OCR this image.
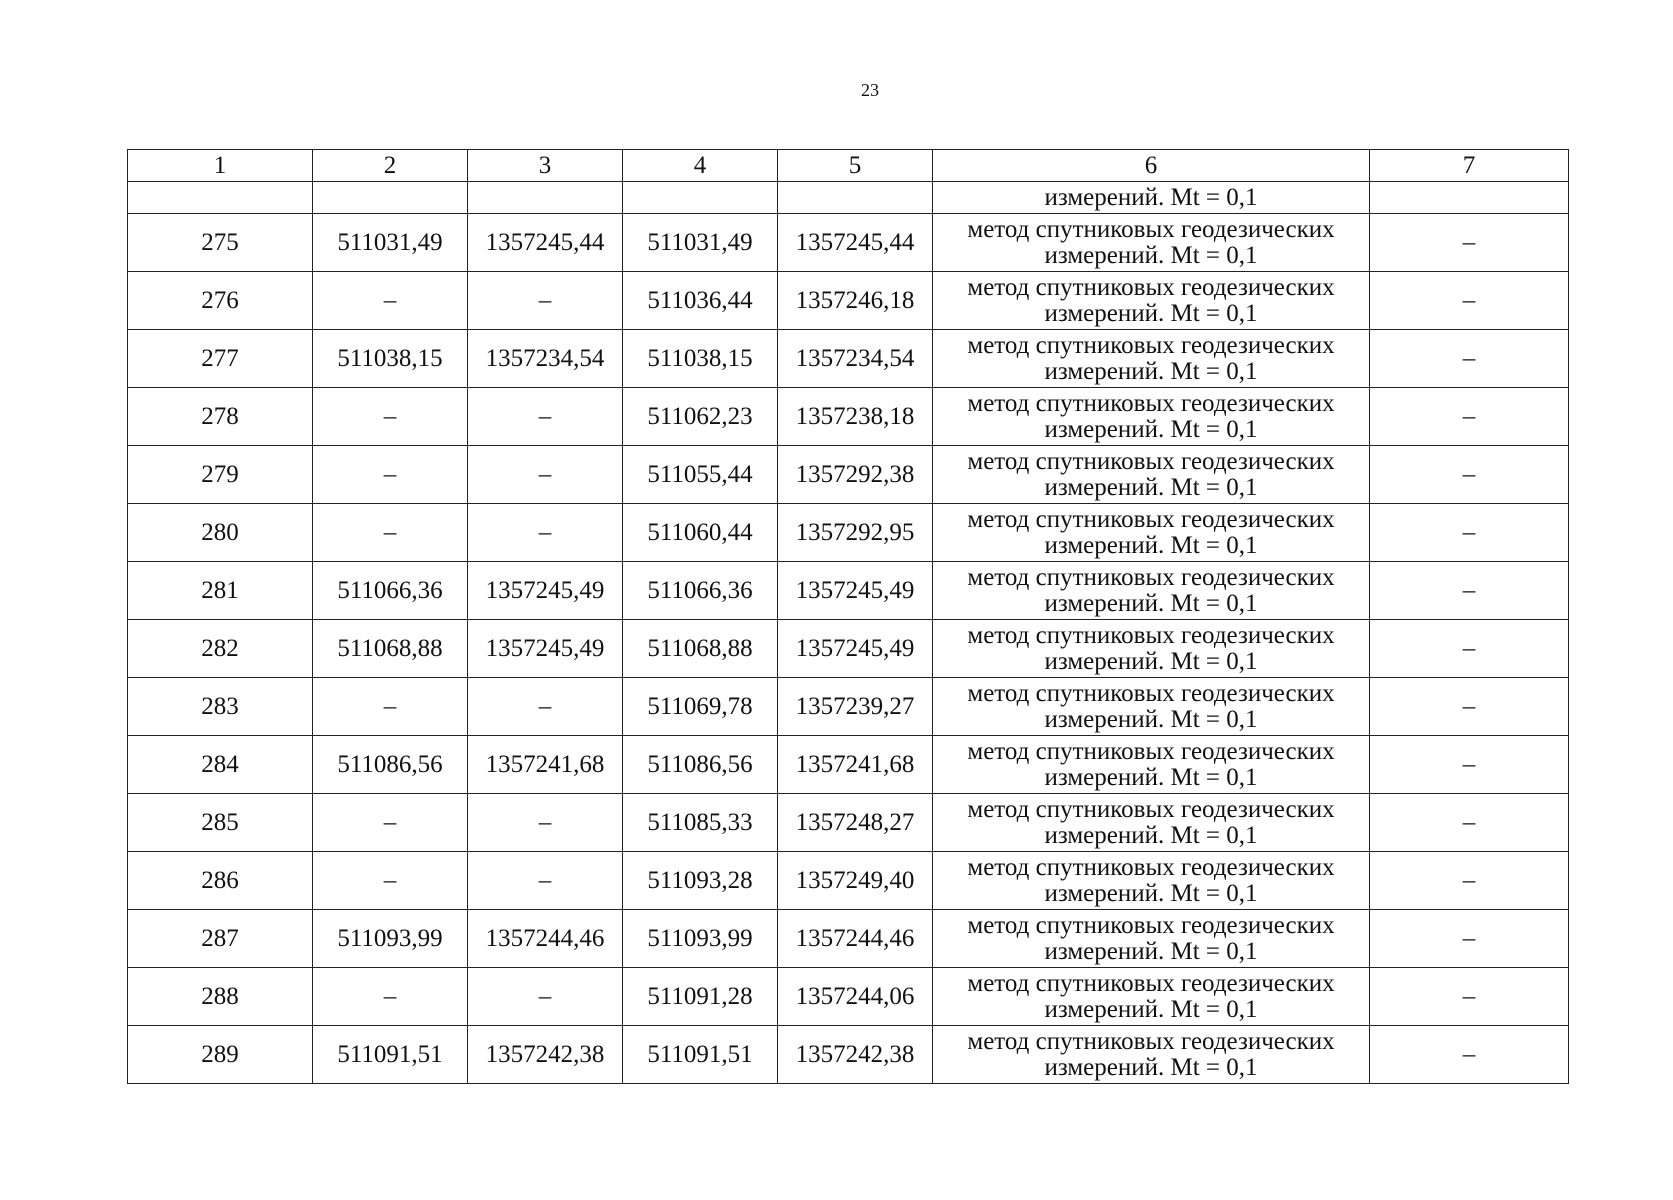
23
1	2	3	4	5	6	7
					измерений. Mt = 0,1	
275	511031,49	1357245,44	511031,49	1357245,44	метод спутниковых геодезических
измерений. Mt = 0,1	–
276	–	–	511036,44	1357246,18	метод спутниковых геодезических
измерений. Mt = 0,1	–
277	511038,15	1357234,54	511038,15	1357234,54	метод спутниковых геодезических
измерений. Mt = 0,1	–
278	–	–	511062,23	1357238,18	метод спутниковых геодезических
измерений. Mt = 0,1	–
279	–	–	511055,44	1357292,38	метод спутниковых геодезических
измерений. Mt = 0,1	–
280	–	–	511060,44	1357292,95	метод спутниковых геодезических
измерений. Mt = 0,1	–
281	511066,36	1357245,49	511066,36	1357245,49	метод спутниковых геодезических
измерений. Mt = 0,1	–
282	511068,88	1357245,49	511068,88	1357245,49	метод спутниковых геодезических
измерений. Mt = 0,1	–
283	–	–	511069,78	1357239,27	метод спутниковых геодезических
измерений. Mt = 0,1	–
284	511086,56	1357241,68	511086,56	1357241,68	метод спутниковых геодезических
измерений. Mt = 0,1	–
285	–	–	511085,33	1357248,27	метод спутниковых геодезических
измерений. Mt = 0,1	–
286	–	–	511093,28	1357249,40	метод спутниковых геодезических
измерений. Mt = 0,1	–
287	511093,99	1357244,46	511093,99	1357244,46	метод спутниковых геодезических
измерений. Mt = 0,1	–
288	–	–	511091,28	1357244,06	метод спутниковых геодезических
измерений. Mt = 0,1	–
289	511091,51	1357242,38	511091,51	1357242,38	метод спутниковых геодезических
измерений. Mt = 0,1	–
